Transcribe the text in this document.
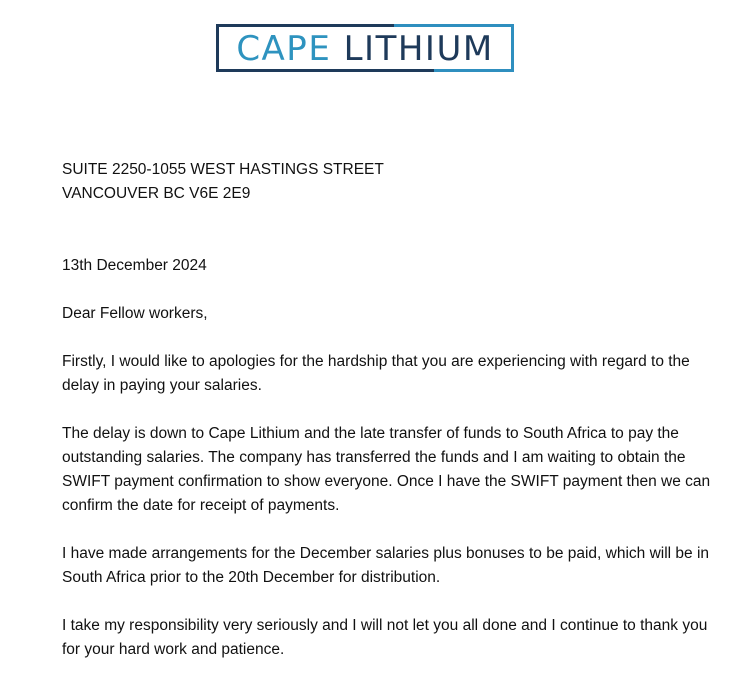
CAPE LITHIUM
SUITE 2250-1055 WEST HASTINGS STREET
VANCOUVER BC V6E 2E9

13th December 2024

Dear Fellow workers,

Firstly, I would like to apologies for the hardship that you are experiencing with regard to the delay in paying your salaries.

The delay is down to Cape Lithium and the late transfer of funds to South Africa to pay the outstanding salaries. The company has transferred the funds and I am waiting to obtain the SWIFT payment confirmation to show everyone. Once I have the SWIFT payment then we can confirm the date for receipt of payments.

I have made arrangements for the December salaries plus bonuses to be paid, which will be in South Africa prior to the 20th December for distribution.

I take my responsibility very seriously and I will not let you all done and I continue to thank you for your hard work and patience.
